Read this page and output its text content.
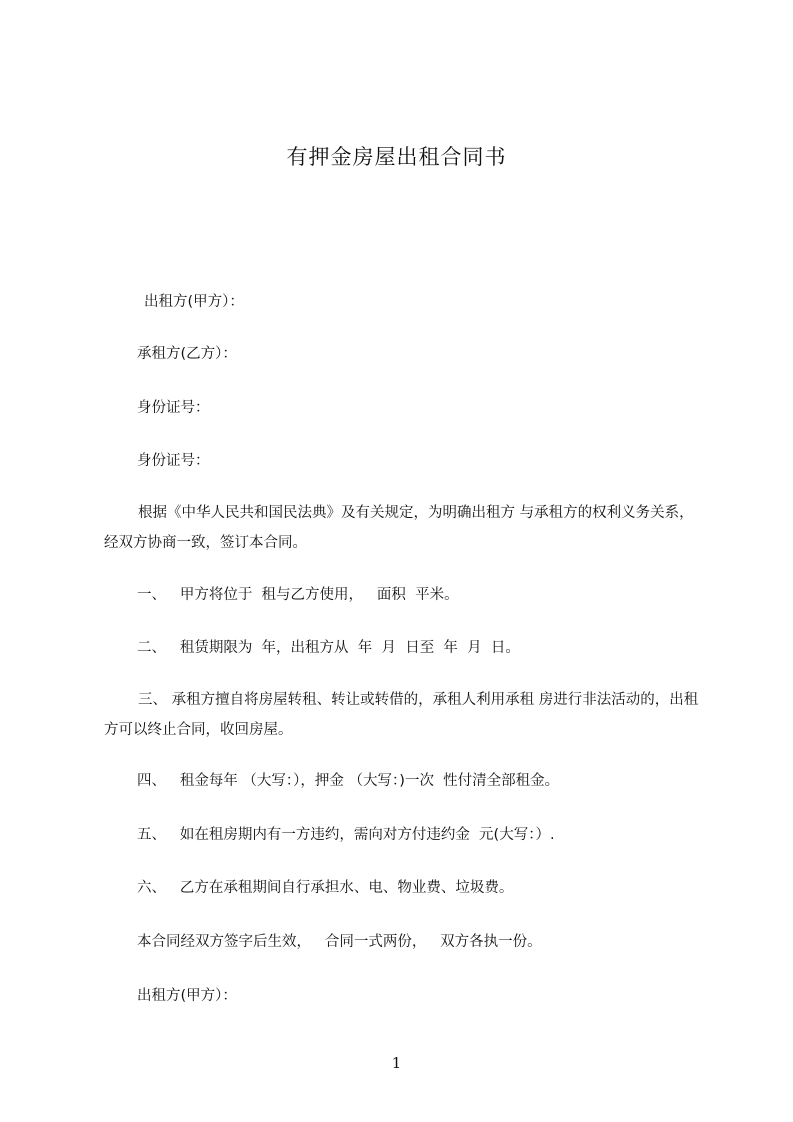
有押金房屋出租合同书
出租方(甲方）：
承租方(乙方）：
身份证号：
身份证号：
根据《中华人民共和国民法典》及有关规定，为明确出租方 与承租方的权利义务关系，经双方协商一致，签订本合同。
一、   甲方将位于  租与乙方使用，   面积  平米。
二、   租赁期限为  年，出租方从  年  月  日至  年  月  日。
三、 承租方擅自将房屋转租、转让或转借的，承租人利用承租 房进行非法活动的，出租方可以终止合同，收回房屋。
四、   租金每年 （大写：），押金 （大写：)一次  性付清全部租金。
五、   如在租房期内有一方违约，需向对方付违约金  元(大写：）.
六、   乙方在承租期间自行承担水、电、物业费、垃圾费。
本合同经双方签字后生效，   合同一式两份，   双方各执一份。
出租方(甲方）：
1
